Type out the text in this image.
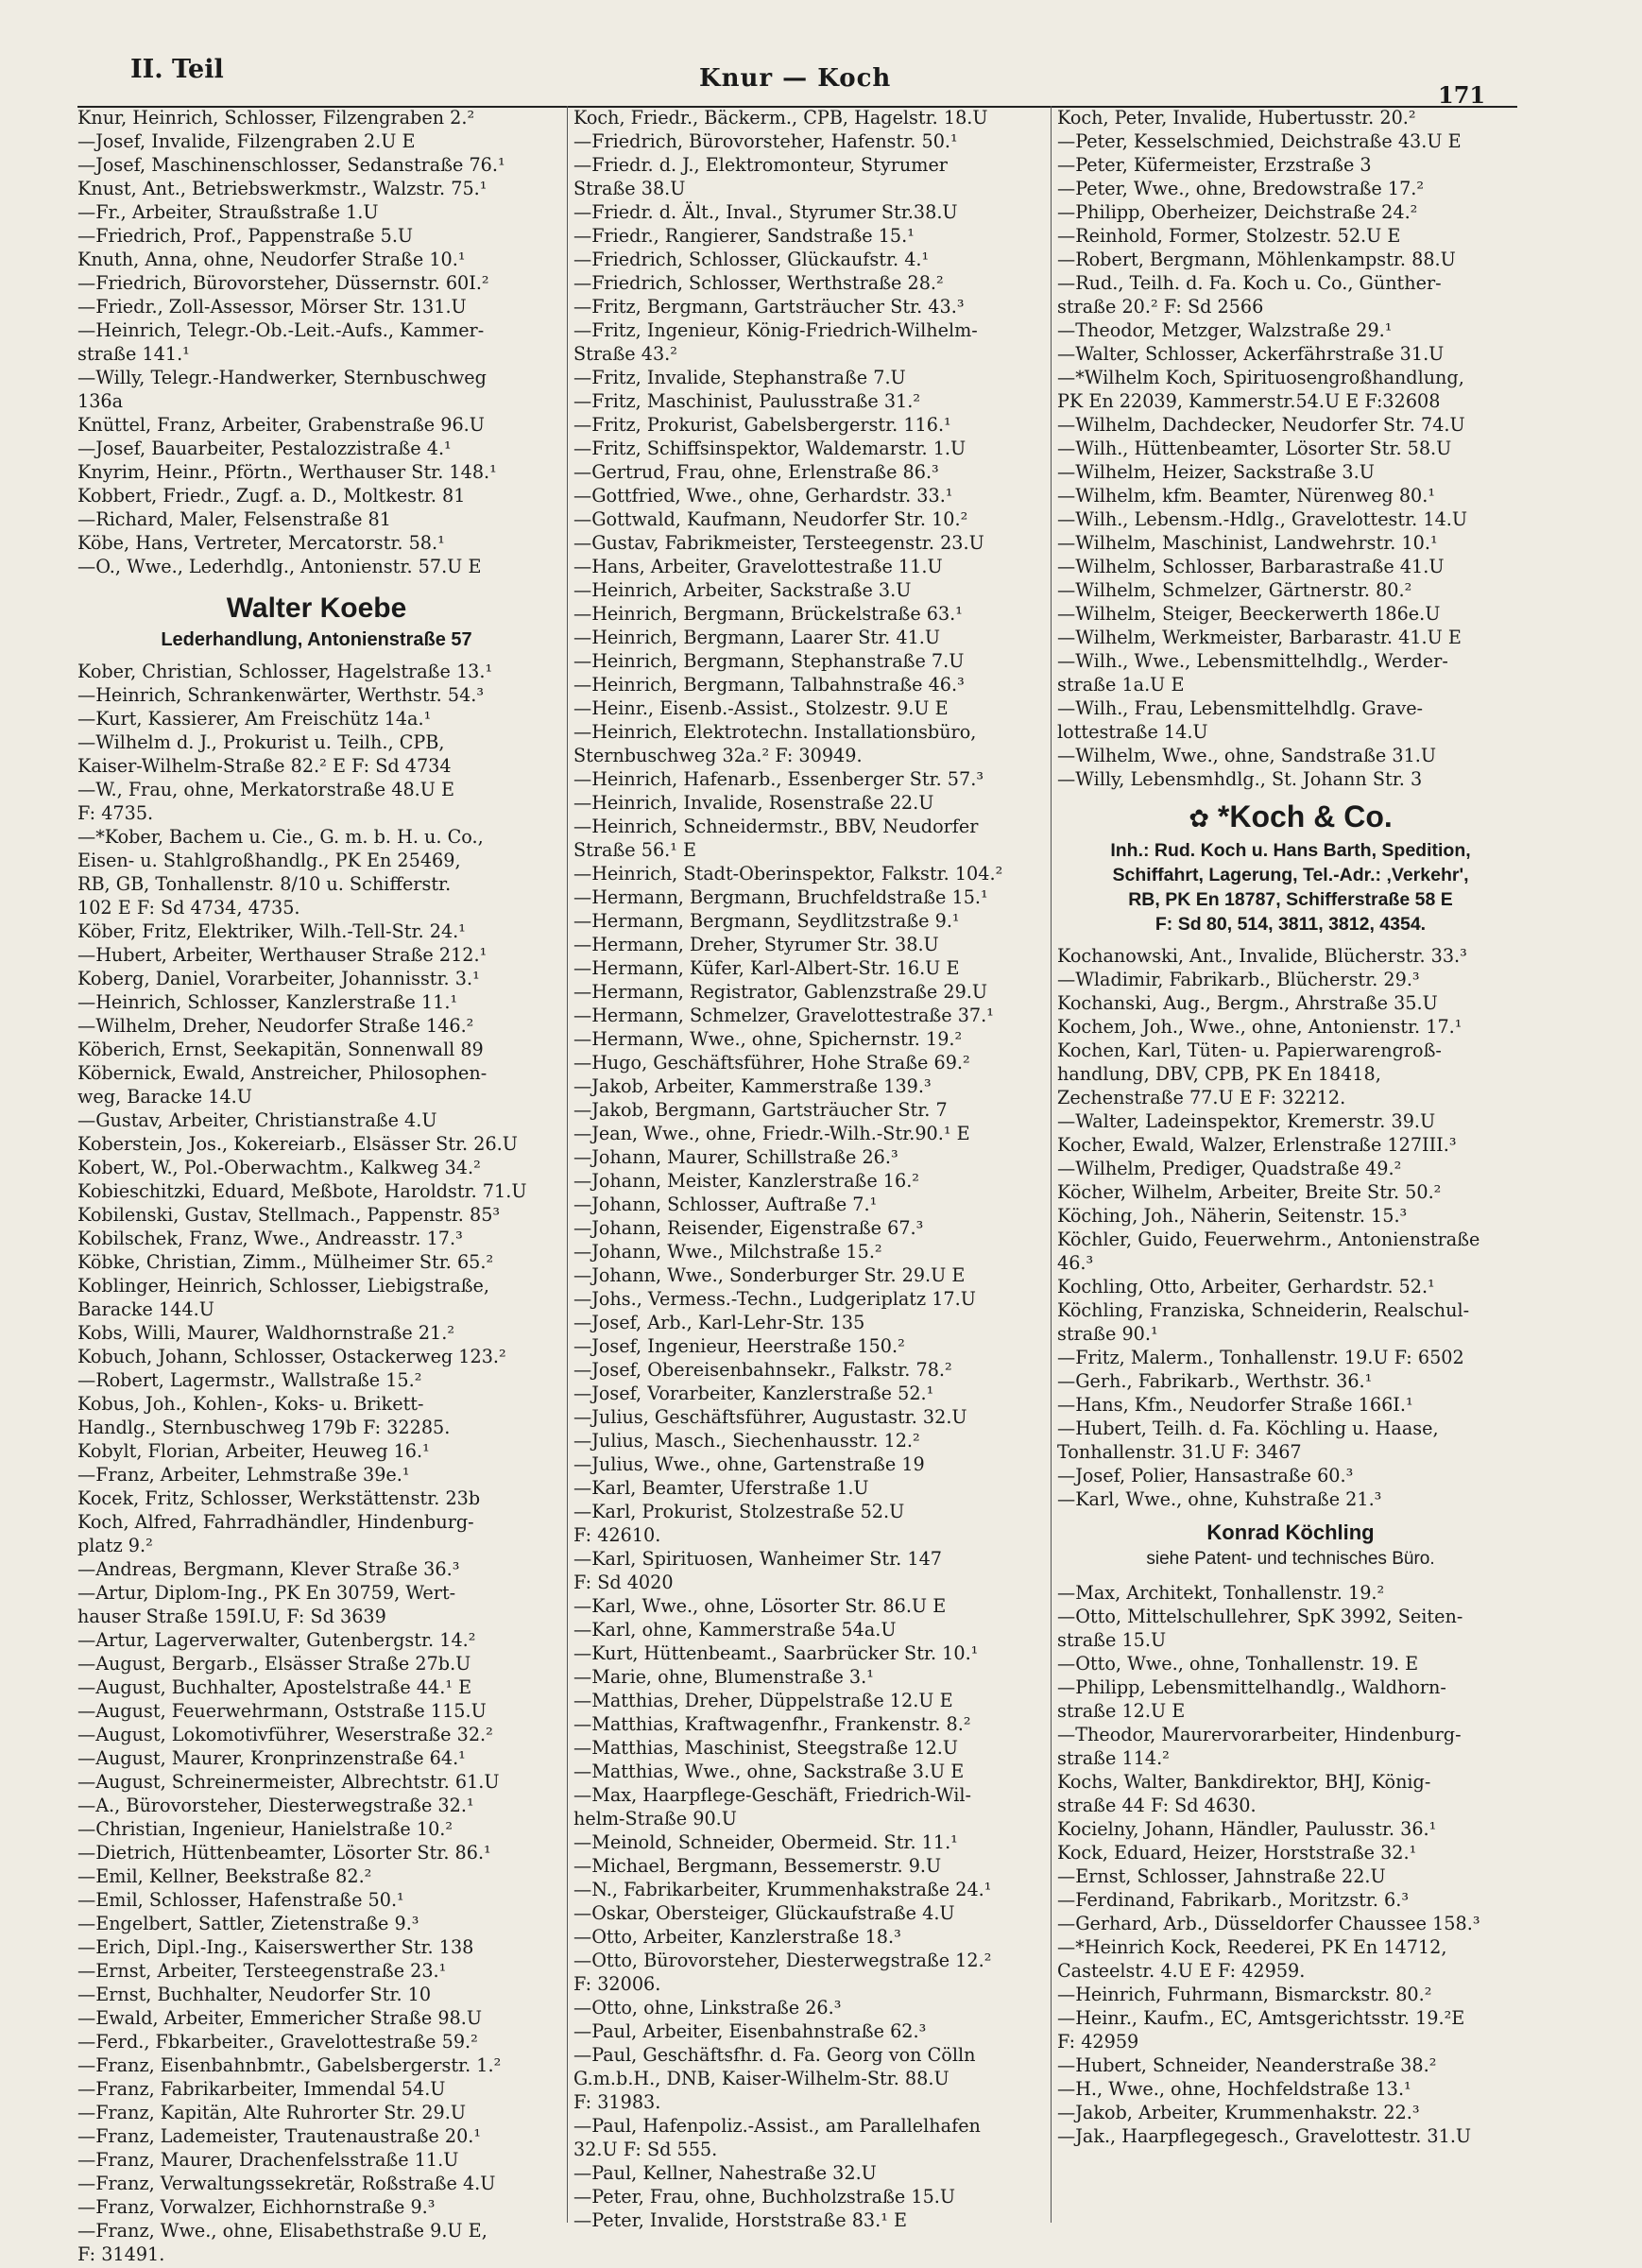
II. Teil	Knur — Koch
171
Knur, Heinrich, Schlosser, Filzengraben 2.²
—Josef, Invalide, Filzengraben 2.U E
—Josef, Maschinenschlosser, Sedanstraße 76.¹
Knust, Ant., Betriebswerkmstr., Walzstr. 75.¹
—Fr., Arbeiter, Straußstraße 1.U
—Friedrich, Prof., Pappenstraße 5.U
Knuth, Anna, ohne, Neudorfer Straße 10.¹
—Friedrich, Bürovorsteher, Düssernstr. 60I.²
—Friedr., Zoll-Assessor, Mörser Str. 131.U
—Heinrich, Telegr.-Ob.-Leit.-Aufs., Kammer-
straße 141.¹
—Willy, Telegr.-Handwerker, Sternbuschweg
136a
Knüttel, Franz, Arbeiter, Grabenstraße 96.U
—Josef, Bauarbeiter, Pestalozzistraße 4.¹
Knyrim, Heinr., Pförtn., Werthauser Str. 148.¹
Kobbert, Friedr., Zugf. a. D., Moltkestr. 81
—Richard, Maler, Felsenstraße 81
Köbe, Hans, Vertreter, Mercatorstr. 58.¹
—O., Wwe., Lederhdlg., Antonienstr. 57.U E
Walter Koebe
Lederhandlung, Antonienstraße 57
Kober, Christian, Schlosser, Hagelstraße 13.¹
—Heinrich, Schrankenwärter, Werthstr. 54.³
—Kurt, Kassierer, Am Freischütz 14a.¹
—Wilhelm d. J., Prokurist u. Teilh., CPB,
Kaiser-Wilhelm-Straße 82.² E F: Sd 4734
—W., Frau, ohne, Merkatorstraße 48.U E
F: 4735.
—*Kober, Bachem u. Cie., G. m. b. H. u. Co.,
Eisen- u. Stahlgroßhandlg., PK En 25469,
RB, GB, Tonhallenstr. 8/10 u. Schifferstr.
102 E F: Sd 4734, 4735.
Köber, Fritz, Elektriker, Wilh.-Tell-Str. 24.¹
—Hubert, Arbeiter, Werthauser Straße 212.¹
Koberg, Daniel, Vorarbeiter, Johannisstr. 3.¹
—Heinrich, Schlosser, Kanzlerstraße 11.¹
—Wilhelm, Dreher, Neudorfer Straße 146.²
Köberich, Ernst, Seekapitän, Sonnenwall 89
Köbernick, Ewald, Anstreicher, Philosophen-
weg, Baracke 14.U
—Gustav, Arbeiter, Christianstraße 4.U
Koberstein, Jos., Kokereiarb., Elsässer Str. 26.U
Kobert, W., Pol.-Oberwachtm., Kalkweg 34.²
Kobieschitzki, Eduard, Meßbote, Haroldstr. 71.U
Kobilenski, Gustav, Stellmach., Pappenstr. 85³
Kobilschek, Franz, Wwe., Andreasstr. 17.³
Köbke, Christian, Zimm., Mülheimer Str. 65.²
Koblinger, Heinrich, Schlosser, Liebigstraße,
Baracke 144.U
Kobs, Willi, Maurer, Waldhornstraße 21.²
Kobuch, Johann, Schlosser, Ostackerweg 123.²
—Robert, Lagermstr., Wallstraße 15.²
Kobus, Joh., Kohlen-, Koks- u. Brikett-
Handlg., Sternbuschweg 179b F: 32285.
Kobylt, Florian, Arbeiter, Heuweg 16.¹
—Franz, Arbeiter, Lehmstraße 39e.¹
Kocek, Fritz, Schlosser, Werkstättenstr. 23b
Koch, Alfred, Fahrradhändler, Hindenburg-
platz 9.²
—Andreas, Bergmann, Klever Straße 36.³
—Artur, Diplom-Ing., PK En 30759, Wert-
hauser Straße 159I.U, F: Sd 3639
—Artur, Lagerverwalter, Gutenbergstr. 14.²
—August, Bergarb., Elsässer Straße 27b.U
—August, Buchhalter, Apostelstraße 44.¹ E
—August, Feuerwehrmann, Oststraße 115.U
—August, Lokomotivführer, Weserstraße 32.²
—August, Maurer, Kronprinzenstraße 64.¹
—August, Schreinermeister, Albrechtstr. 61.U
—A., Bürovorsteher, Diesterwegstraße 32.¹
—Christian, Ingenieur, Hanielstraße 10.²
—Dietrich, Hüttenbeamter, Lösorter Str. 86.¹
—Emil, Kellner, Beekstraße 82.²
—Emil, Schlosser, Hafenstraße 50.¹
—Engelbert, Sattler, Zietenstraße 9.³
—Erich, Dipl.-Ing., Kaiserswerther Str. 138
—Ernst, Arbeiter, Tersteegenstraße 23.¹
—Ernst, Buchhalter, Neudorfer Str. 10
—Ewald, Arbeiter, Emmericher Straße 98.U
—Ferd., Fbkarbeiter., Gravelottestraße 59.²
—Franz, Eisenbahnbmtr., Gabelsbergerstr. 1.²
—Franz, Fabrikarbeiter, Immendal 54.U
—Franz, Kapitän, Alte Ruhrorter Str. 29.U
—Franz, Lademeister, Trautenaustraße 20.¹
—Franz, Maurer, Drachenfelsstraße 11.U
—Franz, Verwaltungssekretär, Roßstraße 4.U
—Franz, Vorwalzer, Eichhornstraße 9.³
—Franz, Wwe., ohne, Elisabethstraße 9.U E,
F: 31491.
Koch, Friedr., Bäckerm., CPB, Hagelstr. 18.U
—Friedrich, Bürovorsteher, Hafenstr. 50.¹
—Friedr. d. J., Elektromonteur, Styrumer
Straße 38.U
—Friedr. d. Ält., Inval., Styrumer Str.38.U
—Friedr., Rangierer, Sandstraße 15.¹
—Friedrich, Schlosser, Glückaufstr. 4.¹
—Friedrich, Schlosser, Werthstraße 28.²
—Fritz, Bergmann, Gartsträucher Str. 43.³
—Fritz, Ingenieur, König-Friedrich-Wilhelm-
Straße 43.²
—Fritz, Invalide, Stephanstraße 7.U
—Fritz, Maschinist, Paulusstraße 31.²
—Fritz, Prokurist, Gabelsbergerstr. 116.¹
—Fritz, Schiffsinspektor, Waldemarstr. 1.U
—Gertrud, Frau, ohne, Erlenstraße 86.³
—Gottfried, Wwe., ohne, Gerhardstr. 33.¹
—Gottwald, Kaufmann, Neudorfer Str. 10.²
—Gustav, Fabrikmeister, Tersteegenstr. 23.U
—Hans, Arbeiter, Gravelottestraße 11.U
—Heinrich, Arbeiter, Sackstraße 3.U
—Heinrich, Bergmann, Brückelstraße 63.¹
—Heinrich, Bergmann, Laarer Str. 41.U
—Heinrich, Bergmann, Stephanstraße 7.U
—Heinrich, Bergmann, Talbahnstraße 46.³
—Heinr., Eisenb.-Assist., Stolzestr. 9.U E
—Heinrich, Elektrotechn. Installationsbüro,
Sternbuschweg 32a.² F: 30949.
—Heinrich, Hafenarb., Essenberger Str. 57.³
—Heinrich, Invalide, Rosenstraße 22.U
—Heinrich, Schneidermstr., BBV, Neudorfer
Straße 56.¹ E
—Heinrich, Stadt-Oberinspektor, Falkstr. 104.²
—Hermann, Bergmann, Bruchfeldstraße 15.¹
—Hermann, Bergmann, Seydlitzstraße 9.¹
—Hermann, Dreher, Styrumer Str. 38.U
—Hermann, Küfer, Karl-Albert-Str. 16.U E
—Hermann, Registrator, Gablenzstraße 29.U
—Hermann, Schmelzer, Gravelottestraße 37.¹
—Hermann, Wwe., ohne, Spichernstr. 19.²
—Hugo, Geschäftsführer, Hohe Straße 69.²
—Jakob, Arbeiter, Kammerstraße 139.³
—Jakob, Bergmann, Gartsträucher Str. 7
—Jean, Wwe., ohne, Friedr.-Wilh.-Str.90.¹ E
—Johann, Maurer, Schillstraße 26.³
—Johann, Meister, Kanzlerstraße 16.²
—Johann, Schlosser, Auftraße 7.¹
—Johann, Reisender, Eigenstraße 67.³
—Johann, Wwe., Milchstraße 15.²
—Johann, Wwe., Sonderburger Str. 29.U E
—Johs., Vermess.-Techn., Ludgeriplatz 17.U
—Josef, Arb., Karl-Lehr-Str. 135
—Josef, Ingenieur, Heerstraße 150.²
—Josef, Obereisenbahnsekr., Falkstr. 78.²
—Josef, Vorarbeiter, Kanzlerstraße 52.¹
—Julius, Geschäftsführer, Augustastr. 32.U
—Julius, Masch., Siechenhausstr. 12.²
—Julius, Wwe., ohne, Gartenstraße 19
—Karl, Beamter, Uferstraße 1.U
—Karl, Prokurist, Stolzestraße 52.U
F: 42610.
—Karl, Spirituosen, Wanheimer Str. 147
F: Sd 4020
—Karl, Wwe., ohne, Lösorter Str. 86.U E
—Karl, ohne, Kammerstraße 54a.U
—Kurt, Hüttenbeamt., Saarbrücker Str. 10.¹
—Marie, ohne, Blumenstraße 3.¹
—Matthias, Dreher, Düppelstraße 12.U E
—Matthias, Kraftwagenfhr., Frankenstr. 8.²
—Matthias, Maschinist, Steegstraße 12.U
—Matthias, Wwe., ohne, Sackstraße 3.U E
—Max, Haarpflege-Geschäft, Friedrich-Wil-
helm-Straße 90.U
—Meinold, Schneider, Obermeid. Str. 11.¹
—Michael, Bergmann, Bessemerstr. 9.U
—N., Fabrikarbeiter, Krummenhakstraße 24.¹
—Oskar, Obersteiger, Glückaufstraße 4.U
—Otto, Arbeiter, Kanzlerstraße 18.³
—Otto, Bürovorsteher, Diesterwegstraße 12.²
F: 32006.
—Otto, ohne, Linkstraße 26.³
—Paul, Arbeiter, Eisenbahnstraße 62.³
—Paul, Geschäftsfhr. d. Fa. Georg von Cölln
G.m.b.H., DNB, Kaiser-Wilhelm-Str. 88.U
F: 31983.
—Paul, Hafenpoliz.-Assist., am Parallelhafen
32.U F: Sd 555.
—Paul, Kellner, Nahestraße 32.U
—Peter, Frau, ohne, Buchholzstraße 15.U
—Peter, Invalide, Horststraße 83.¹ E
Koch, Peter, Invalide, Hubertusstr. 20.²
—Peter, Kesselschmied, Deichstraße 43.U E
—Peter, Küfermeister, Erzstraße 3
—Peter, Wwe., ohne, Bredowstraße 17.²
—Philipp, Oberheizer, Deichstraße 24.²
—Reinhold, Former, Stolzestr. 52.U E
—Robert, Bergmann, Möhlenkampstr. 88.U
—Rud., Teilh. d. Fa. Koch u. Co., Günther-
straße 20.² F: Sd 2566
—Theodor, Metzger, Walzstraße 29.¹
—Walter, Schlosser, Ackerfährstraße 31.U
—*Wilhelm Koch, Spirituosengroßhandlung,
PK En 22039, Kammerstr.54.U E F:32608
—Wilhelm, Dachdecker, Neudorfer Str. 74.U
—Wilh., Hüttenbeamter, Lösorter Str. 58.U
—Wilhelm, Heizer, Sackstraße 3.U
—Wilhelm, kfm. Beamter, Nürenweg 80.¹
—Wilh., Lebensm.-Hdlg., Gravelottestr. 14.U
—Wilhelm, Maschinist, Landwehrstr. 10.¹
—Wilhelm, Schlosser, Barbarastraße 41.U
—Wilhelm, Schmelzer, Gärtnerstr. 80.²
—Wilhelm, Steiger, Beeckerwerth 186e.U
—Wilhelm, Werkmeister, Barbarastr. 41.U E
—Wilh., Wwe., Lebensmittelhdlg., Werder-
straße 1a.U E
—Wilh., Frau, Lebensmittelhdlg. Grave-
lottestraße 14.U
—Wilhelm, Wwe., ohne, Sandstraße 31.U
—Willy, Lebensmhdlg., St. Johann Str. 3
✿ *Koch & Co.
Inh.: Rud. Koch u. Hans Barth, Spedition,
Schiffahrt, Lagerung, Tel.-Adr.: ‚Verkehr',
RB, PK En 18787, Schifferstraße 58 E
F: Sd 80, 514, 3811, 3812, 4354.
Kochanowski, Ant., Invalide, Blücherstr. 33.³
—Wladimir, Fabrikarb., Blücherstr. 29.³
Kochanski, Aug., Bergm., Ahrstraße 35.U
Kochem, Joh., Wwe., ohne, Antonienstr. 17.¹
Kochen, Karl, Tüten- u. Papierwarengroß-
handlung, DBV, CPB, PK En 18418,
Zechenstraße 77.U E F: 32212.
—Walter, Ladeinspektor, Kremerstr. 39.U
Kocher, Ewald, Walzer, Erlenstraße 127III.³
—Wilhelm, Prediger, Quadstraße 49.²
Köcher, Wilhelm, Arbeiter, Breite Str. 50.²
Köching, Joh., Näherin, Seitenstr. 15.³
Köchler, Guido, Feuerwehrm., Antonienstraße
46.³
Kochling, Otto, Arbeiter, Gerhardstr. 52.¹
Köchling, Franziska, Schneiderin, Realschul-
straße 90.¹
—Fritz, Malerm., Tonhallenstr. 19.U F: 6502
—Gerh., Fabrikarb., Werthstr. 36.¹
—Hans, Kfm., Neudorfer Straße 166I.¹
—Hubert, Teilh. d. Fa. Köchling u. Haase,
Tonhallenstr. 31.U F: 3467
—Josef, Polier, Hansastraße 60.³
—Karl, Wwe., ohne, Kuhstraße 21.³
Konrad Köchling
siehe Patent- und technisches Büro.
—Max, Architekt, Tonhallenstr. 19.²
—Otto, Mittelschullehrer, SpK 3992, Seiten-
straße 15.U
—Otto, Wwe., ohne, Tonhallenstr. 19. E
—Philipp, Lebensmittelhandlg., Waldhorn-
straße 12.U E
—Theodor, Maurervorarbeiter, Hindenburg-
straße 114.²
Kochs, Walter, Bankdirektor, BHJ, König-
straße 44 F: Sd 4630.
Kocielny, Johann, Händler, Paulusstr. 36.¹
Kock, Eduard, Heizer, Horststraße 32.¹
—Ernst, Schlosser, Jahnstraße 22.U
—Ferdinand, Fabrikarb., Moritzstr. 6.³
—Gerhard, Arb., Düsseldorfer Chaussee 158.³
—*Heinrich Kock, Reederei, PK En 14712,
Casteelstr. 4.U E F: 42959.
—Heinrich, Fuhrmann, Bismarckstr. 80.²
—Heinr., Kaufm., EC, Amtsgerichtsstr. 19.²E
F: 42959
—Hubert, Schneider, Neanderstraße 38.²
—H., Wwe., ohne, Hochfeldstraße 13.¹
—Jakob, Arbeiter, Krummenhakstr. 22.³
—Jak., Haarpflegegesch., Gravelottestr. 31.U
